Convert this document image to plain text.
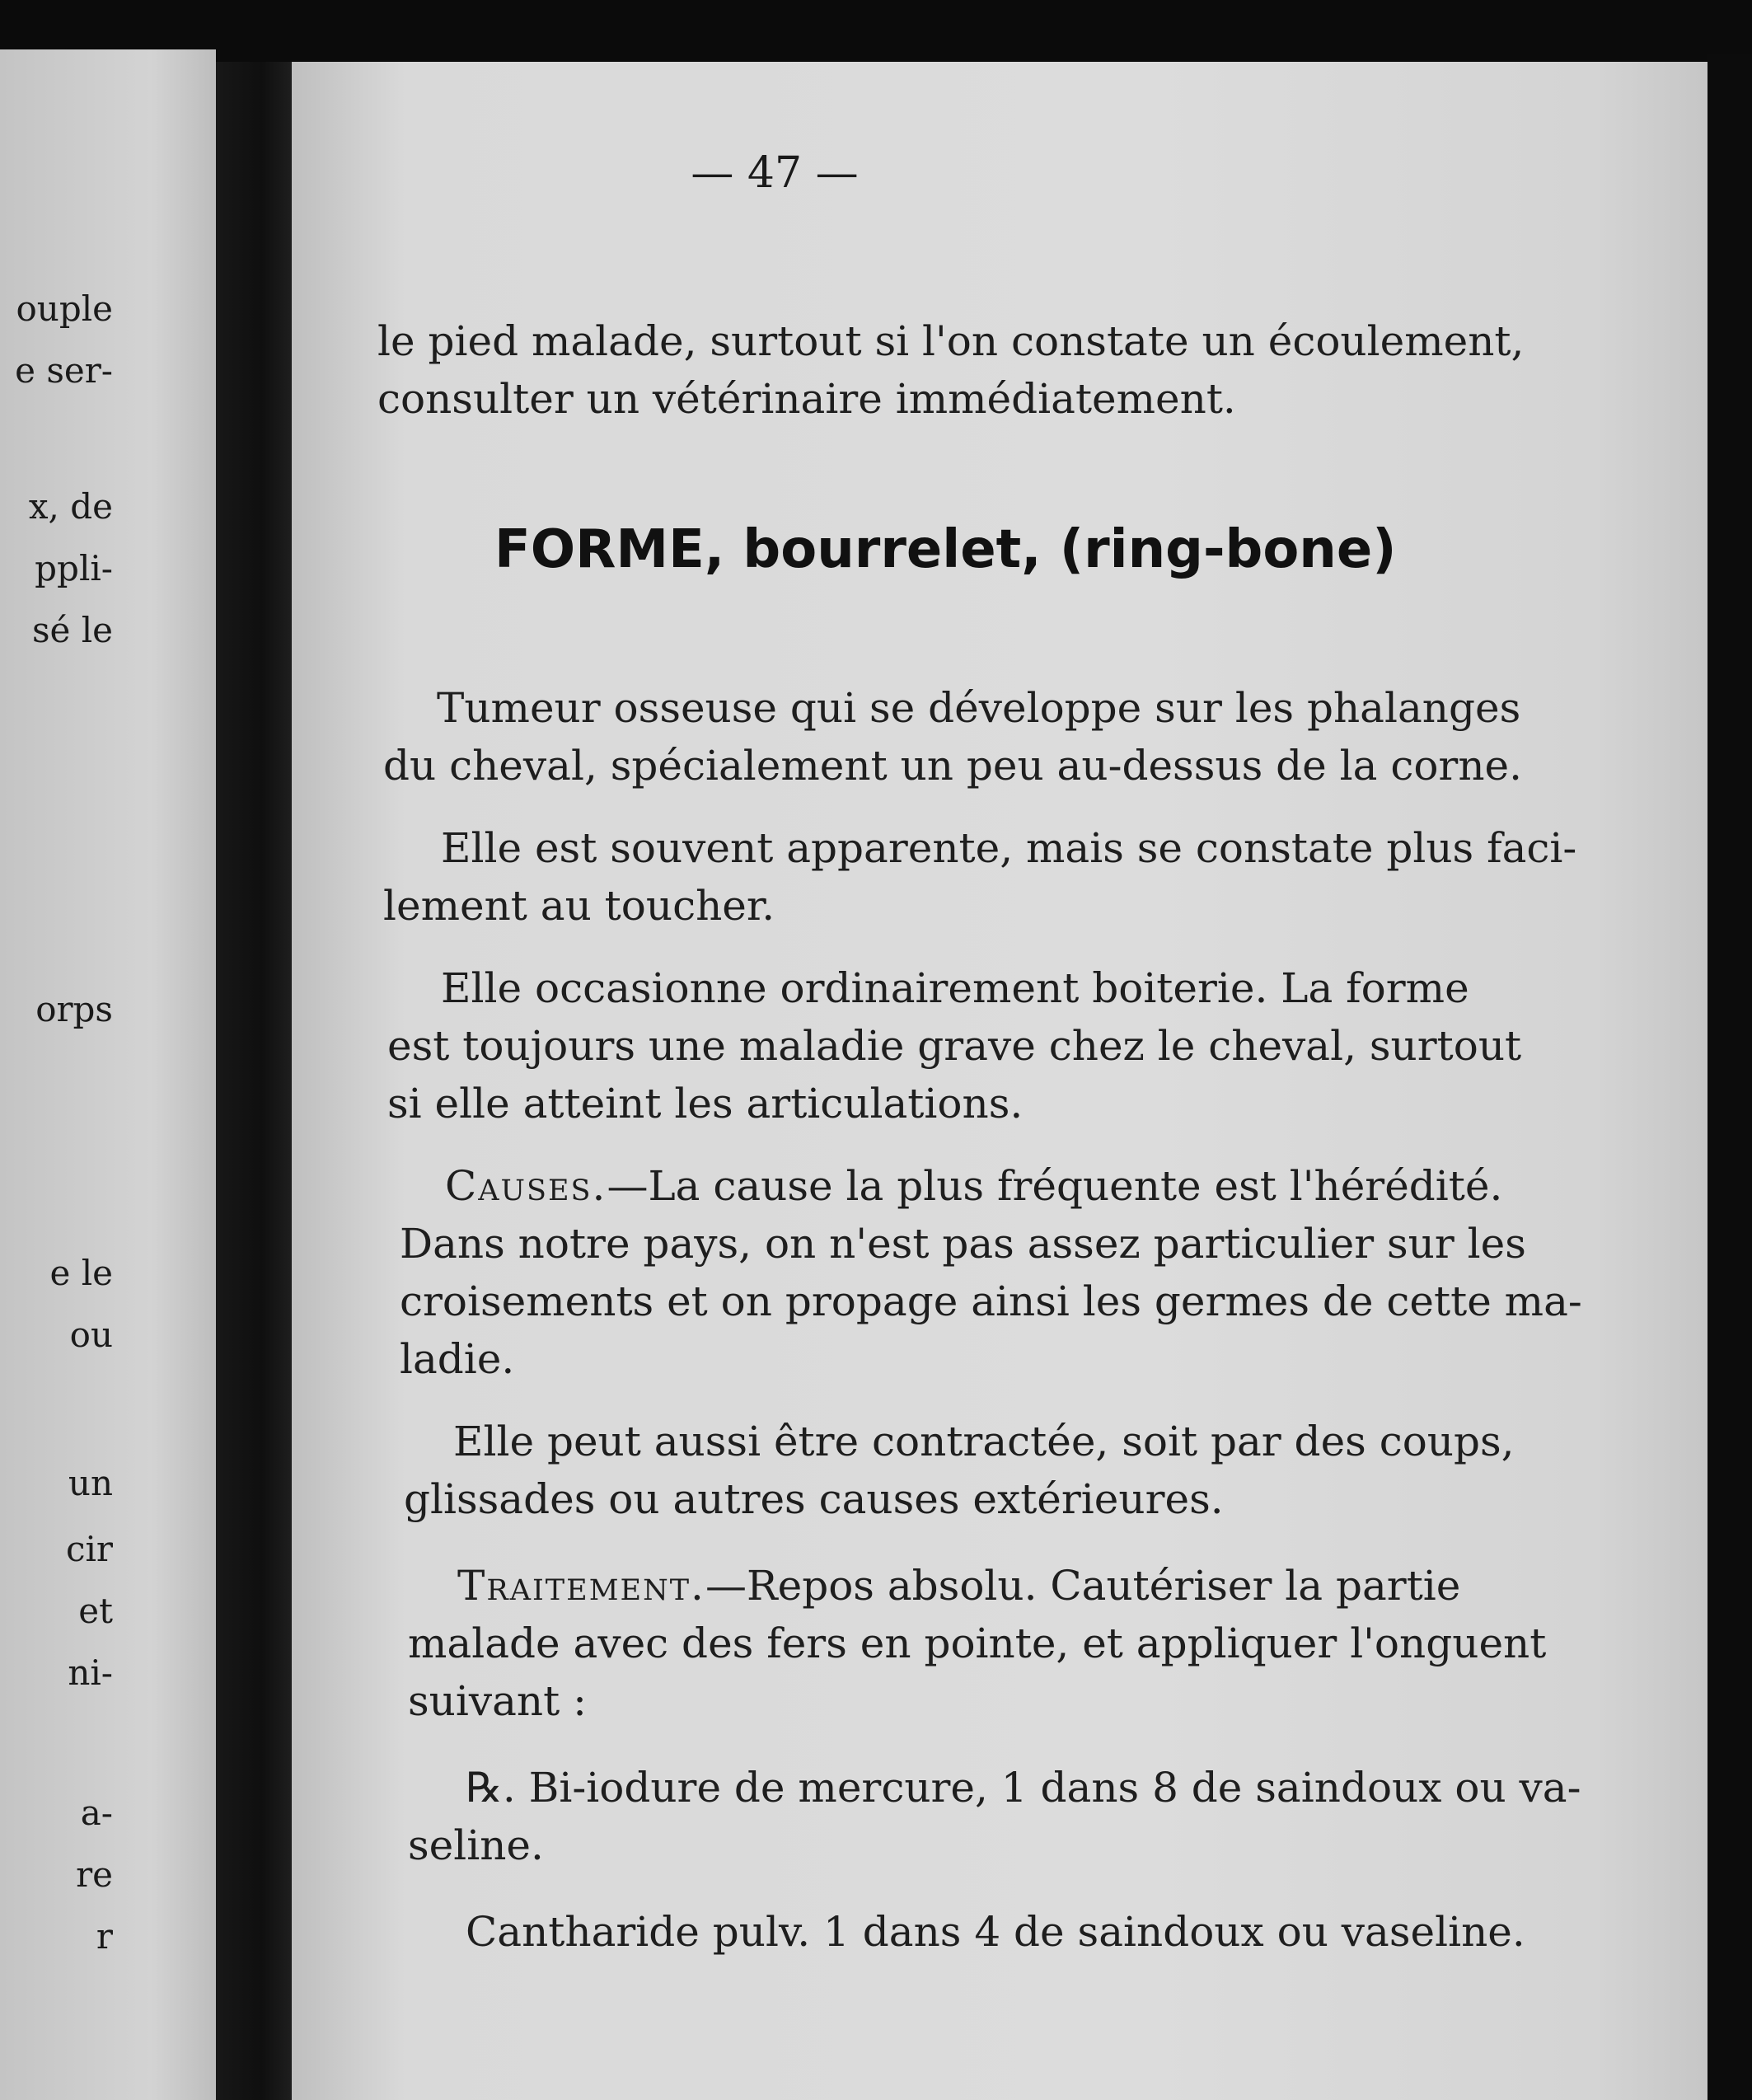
ouple
e ser-
x, de
ppli-
sé le
orps
e le
ou
un
cir
et
ni-
a-
re
r
— 47 —
le pied malade, surtout si l'on constate un écoulement,
consulter un vétérinaire immédiatement.
FORME, bourrelet, (ring-bone)
Tumeur osseuse qui se développe sur les phalanges
du cheval, spécialement un peu au-dessus de la corne.
Elle est souvent apparente, mais se constate plus faci-
lement au toucher.
Elle occasionne ordinairement boiterie. La forme
est toujours une maladie grave chez le cheval, surtout
si elle atteint les articulations.
Causes.—La cause la plus fréquente est l'hérédité.
Dans notre pays, on n'est pas assez particulier sur les
croisements et on propage ainsi les germes de cette ma-
ladie.
Elle peut aussi être contractée, soit par des coups,
glissades ou autres causes extérieures.
Traitement.—Repos absolu. Cautériser la partie
malade avec des fers en pointe, et appliquer l'onguent
suivant :
℞. Bi-iodure de mercure, 1 dans 8 de saindoux ou va-
seline.
Cantharide pulv. 1 dans 4 de saindoux ou vaseline.
